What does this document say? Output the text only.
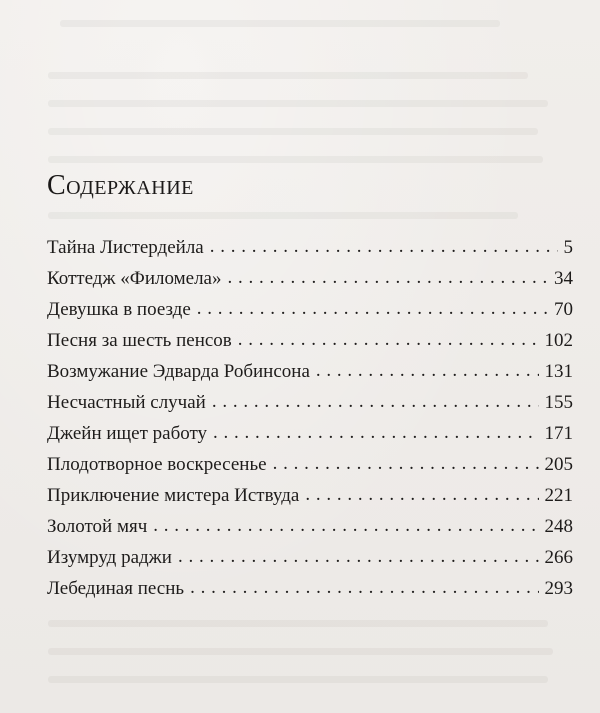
Содержание
Тайна Листердейла . . .	5
Коттедж «Филомела» . . .	34
Девушка в поезде . . .	70
Песня за шесть пенсов . . .	102
Возмужание Эдварда Робинсона . . .	131
Несчастный случай . . .	155
Джейн ищет работу . . .	171
Плодотворное воскресенье . . .	205
Приключение мистера Иствуда . . .	221
Золотой мяч . . .	248
Изумруд раджи . . .	266
Лебединая песнь . . .	293
